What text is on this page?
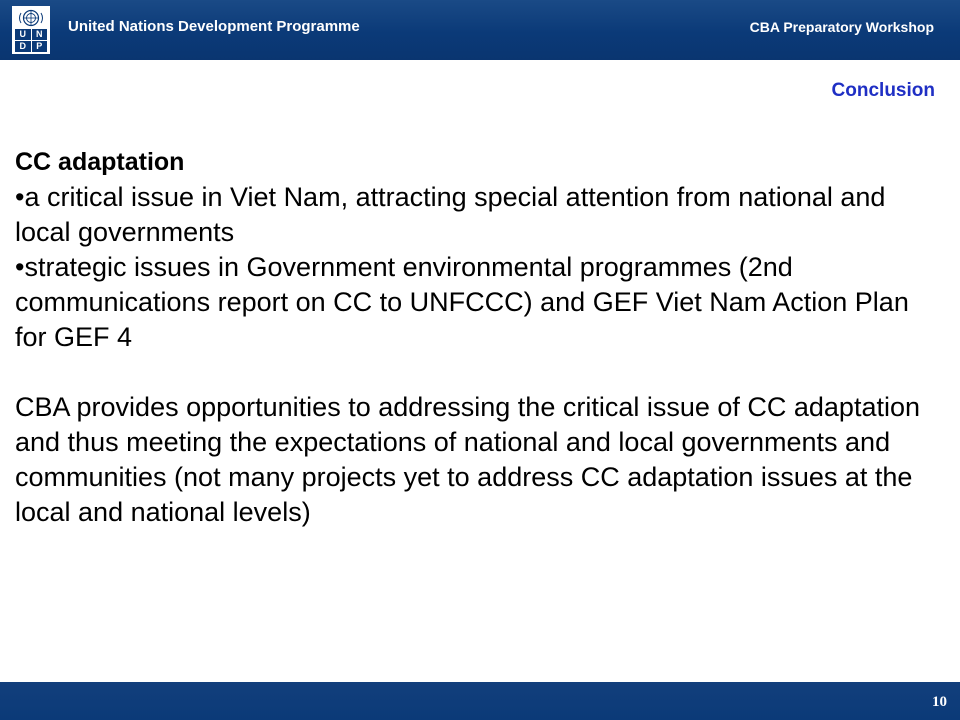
U	N
D	P
United Nations Development Programme	CBA Preparatory Workshop
Conclusion
CC adaptation
•a critical issue in Viet Nam, attracting special attention from national and local governments
•strategic issues in Government environmental programmes (2nd communications report on CC to UNFCCC) and GEF Viet Nam Action Plan for GEF 4
CBA provides opportunities to addressing the critical issue of CC adaptation and thus meeting the expectations of national and local governments and communities (not many projects yet to address CC adaptation issues at the local and national levels)
10
